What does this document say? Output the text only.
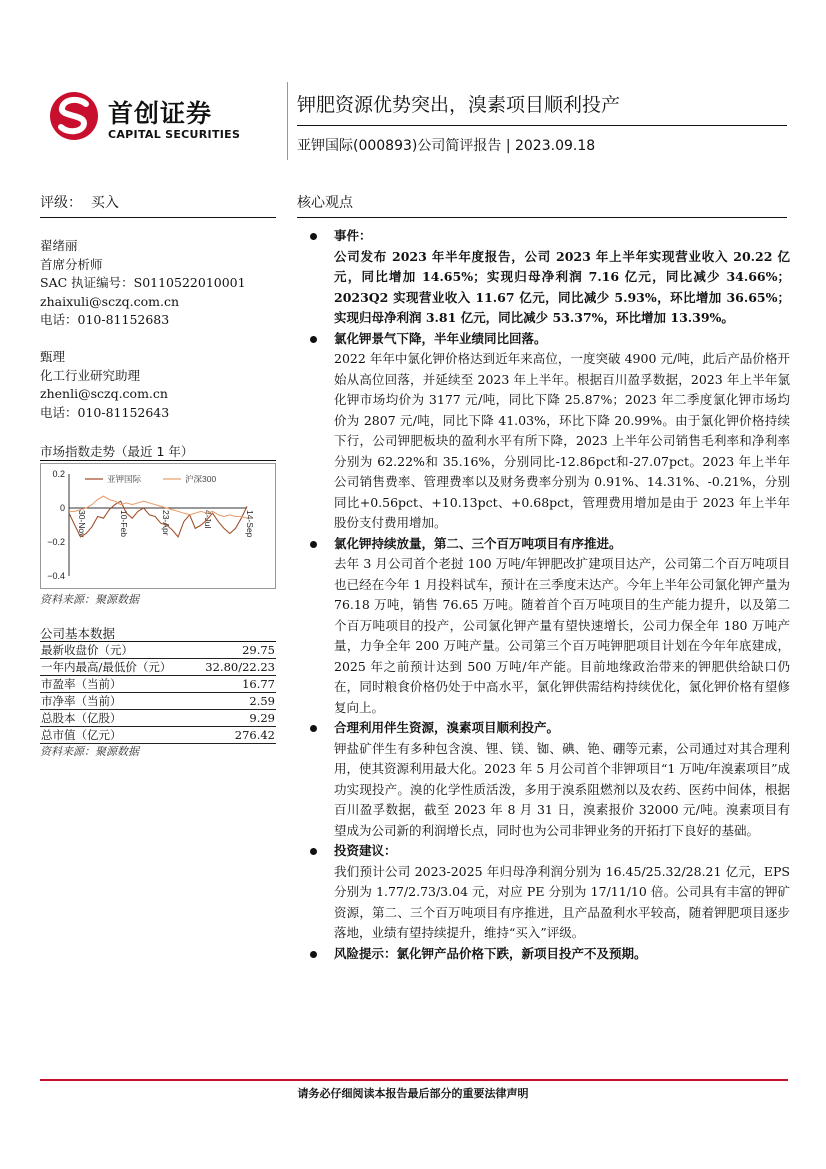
首创证券
CAPITAL SECURITIES
钾肥资源优势突出，溴素项目顺利投产
亚钾国际(000893)公司简评报告 | 2023.09.18
评级：  买入	核心观点
翟绪丽
首席分析师
SAC 执证编号：S0110522010001
zhaixuli@sczq.com.cn
电话：010-81152683
甄理
化工行业研究助理
zhenli@sczq.com.cn
电话：010-81152643
市场指数走势（最近 1 年）
0.2
0
−0.2
−0.4
30-Nov	10-Feb	23-Apr	4-Jul	14-Sep
亚钾国际	沪深300
资料来源：聚源数据
公司基本数据
最新收盘价（元）	29.75
一年内最高/最低价（元）	32.80/22.23
市盈率（当前）	16.77
市净率（当前）	2.59
总股本（亿股）	9.29
总市值（亿元）	276.42
资料来源：聚源数据
事件：
公司发布 2023 年半年度报告，公司 2023 年上半年实现营业收入 20.22 亿元，同比增加 14.65%；实现归母净利润 7.16 亿元，同比减少 34.66%；2023Q2 实现营业收入 11.67 亿元，同比减少 5.93%，环比增加 36.65%；实现归母净利润 3.81 亿元，同比减少 53.37%，环比增加 13.39%。
氯化钾景气下降，半年业绩同比回落。
2022 年年中氯化钾价格达到近年来高位，一度突破 4900 元/吨，此后产品价格开始从高位回落，并延续至 2023 年上半年。根据百川盈孚数据，2023 年上半年氯化钾市场均价为 3177 元/吨，同比下降 25.87%；2023 年二季度氯化钾市场均价为 2807 元/吨，同比下降 41.03%，环比下降 20.99%。由于氯化钾价格持续下行，公司钾肥板块的盈利水平有所下降，2023 上半年公司销售毛利率和净利率分别为 62.22%和 35.16%，分别同比-12.86pct和-27.07pct。2023 年上半年公司销售费率、管理费率以及财务费率分别为 0.91%、14.31%、-0.21%，分别同比+0.56pct、+10.13pct、+0.68pct，管理费用增加是由于 2023 年上半年股份支付费用增加。
氯化钾持续放量，第二、三个百万吨项目有序推进。
去年 3 月公司首个老挝 100 万吨/年钾肥改扩建项目达产，公司第二个百万吨项目也已经在今年 1 月投料试车，预计在三季度末达产。今年上半年公司氯化钾产量为 76.18 万吨，销售 76.65 万吨。随着首个百万吨项目的生产能力提升，以及第二个百万吨项目的投产，公司氯化钾产量有望快速增长，公司力保全年 180 万吨产量，力争全年 200 万吨产量。公司第三个百万吨钾肥项目计划在今年年底建成，2025 年之前预计达到 500 万吨/年产能。目前地缘政治带来的钾肥供给缺口仍在，同时粮食价格仍处于中高水平，氯化钾供需结构持续优化，氯化钾价格有望修复向上。
合理利用伴生资源，溴素项目顺利投产。
钾盐矿伴生有多种包含溴、锂、镁、铷、碘、铯、硼等元素，公司通过对其合理利用，使其资源利用最大化。2023 年 5 月公司首个非钾项目“1 万吨/年溴素项目”成功实现投产。溴的化学性质活泼，多用于溴系阻燃剂以及农药、医药中间体，根据百川盈孚数据，截至 2023 年 8 月 31 日，溴素报价 32000 元/吨。溴素项目有望成为公司新的利润增长点，同时也为公司非钾业务的开拓打下良好的基础。
投资建议：
我们预计公司 2023-2025 年归母净利润分别为 16.45/25.32/28.21 亿元，EPS 分别为 1.77/2.73/3.04 元，对应 PE 分别为 17/11/10 倍。公司具有丰富的钾矿资源，第二、三个百万吨项目有序推进，且产品盈利水平较高，随着钾肥项目逐步落地，业绩有望持续提升，维持“买入”评级。
风险提示：氯化钾产品价格下跌，新项目投产不及预期。
请务必仔细阅读本报告最后部分的重要法律声明
